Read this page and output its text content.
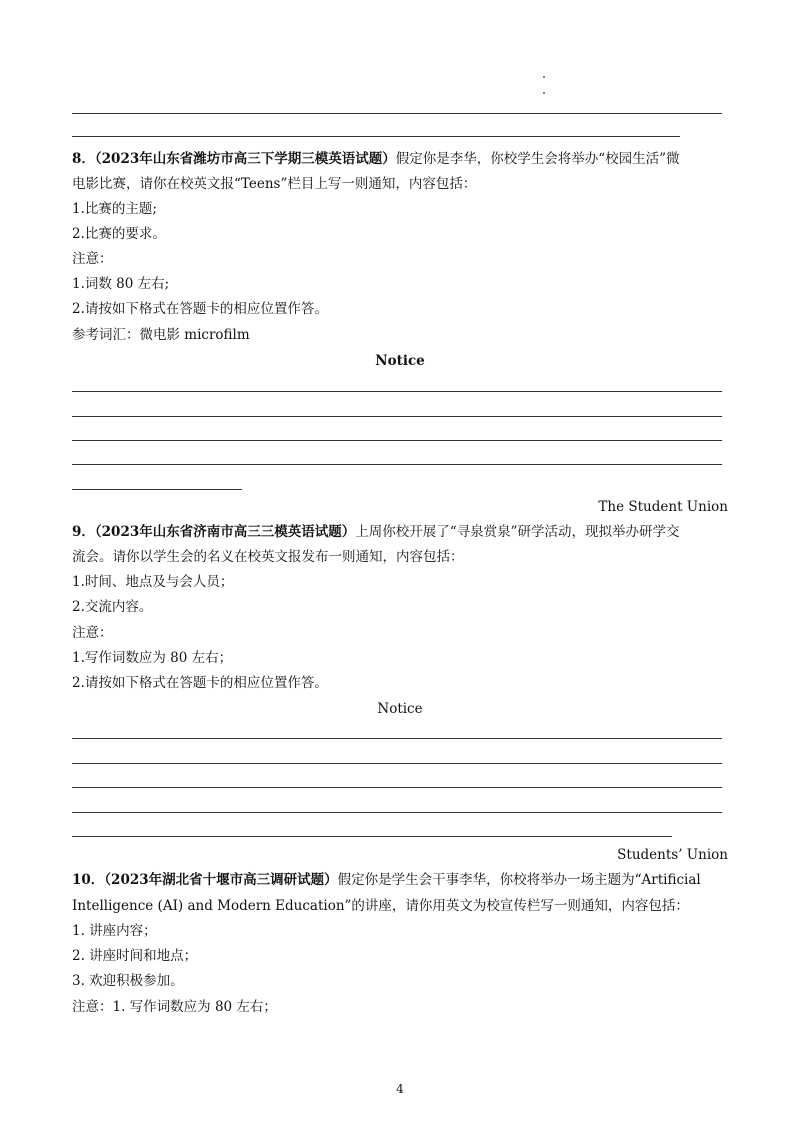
8．（2023年山东省潍坊市高三下学期三模英语试题）假定你是李华，你校学生会将举办“校园生活”微
电影比赛，请你在校英文报“Teens”栏目上写一则通知，内容包括：
1.比赛的主题;
2.比赛的要求。
注意：
1.词数 80 左右;
2.请按如下格式在答题卡的相应位置作答。
参考词汇：微电影 microfilm
Notice
The Student Union
9．（2023年山东省济南市高三三模英语试题）上周你校开展了“寻泉赏泉”研学活动，现拟举办研学交
流会。请你以学生会的名义在校英文报发布一则通知，内容包括：
1.时间、地点及与会人员；
2.交流内容。
注意：
1.写作词数应为 80 左右；
2.请按如下格式在答题卡的相应位置作答。
Notice
Students’ Union
10．（2023年湖北省十堰市高三调研试题）假定你是学生会干事李华，你校将举办一场主题为“Artificial
Intelligence (AI) and Modern Education”的讲座，请你用英文为校宣传栏写一则通知，内容包括：
1. 讲座内容；
2. 讲座时间和地点；
3. 欢迎积极参加。
注意：1. 写作词数应为 80 左右；
4
